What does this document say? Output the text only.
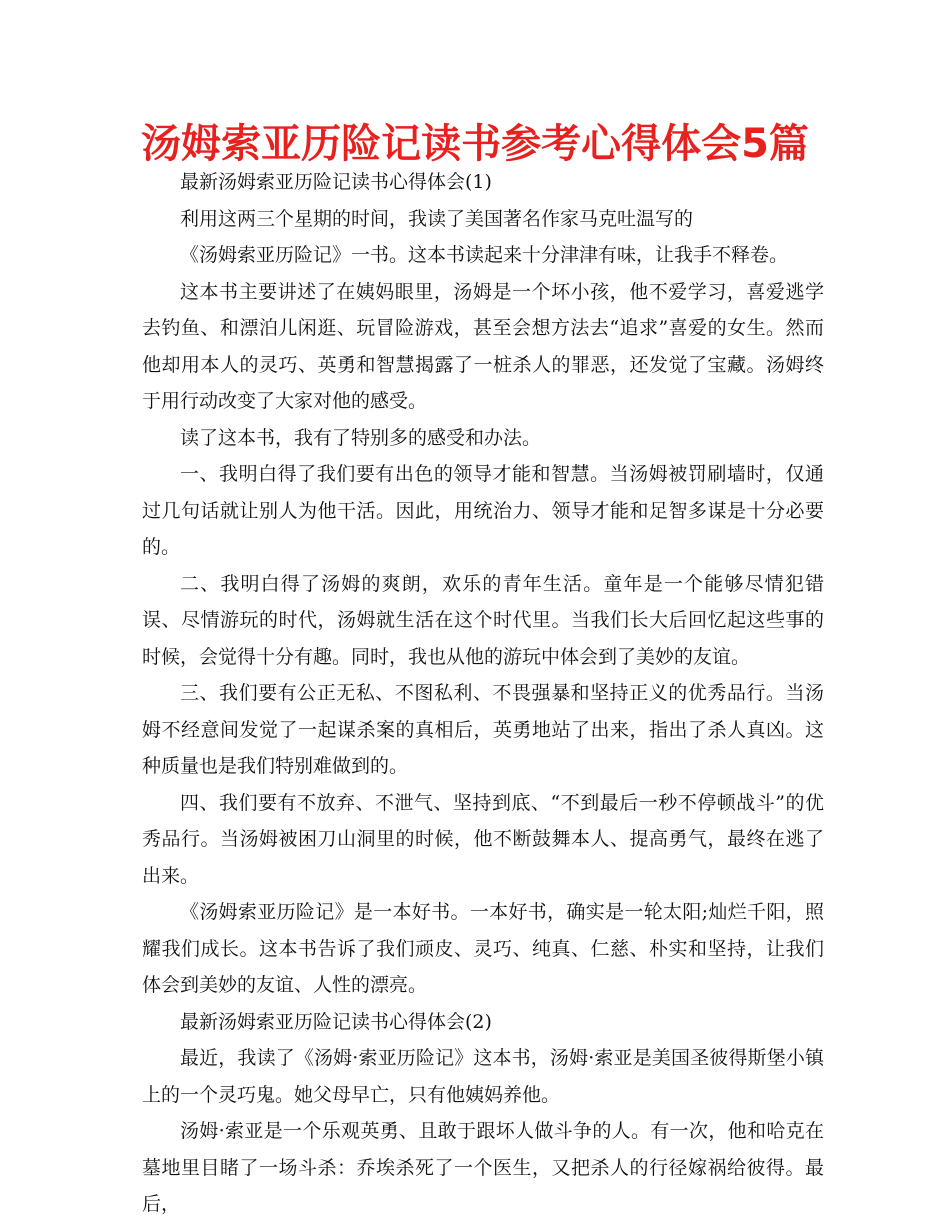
汤姆索亚历险记读书参考心得体会5篇

最新汤姆索亚历险记读书心得体会(1)

利用这两三个星期的时间，我读了美国著名作家马克吐温写的

《汤姆索亚历险记》一书。这本书读起来十分津津有味，让我手不释卷。

这本书主要讲述了在姨妈眼里，汤姆是一个坏小孩，他不爱学习，喜爱逃学去钓鱼、和漂泊儿闲逛、玩冒险游戏，甚至会想方法去“追求”喜爱的女生。然而他却用本人的灵巧、英勇和智慧揭露了一桩杀人的罪恶，还发觉了宝藏。汤姆终于用行动改变了大家对他的感受。

读了这本书，我有了特别多的感受和办法。

一、我明白得了我们要有出色的领导才能和智慧。当汤姆被罚刷墙时，仅通过几句话就让别人为他干活。因此，用统治力、领导才能和足智多谋是十分必要的。

二、我明白得了汤姆的爽朗，欢乐的青年生活。童年是一个能够尽情犯错误、尽情游玩的时代，汤姆就生活在这个时代里。当我们长大后回忆起这些事的时候，会觉得十分有趣。同时，我也从他的游玩中体会到了美妙的友谊。

三、我们要有公正无私、不图私利、不畏强暴和坚持正义的优秀品行。当汤姆不经意间发觉了一起谋杀案的真相后，英勇地站了出来，指出了杀人真凶。这种质量也是我们特别难做到的。

四、我们要有不放弃、不泄气、坚持到底、“不到最后一秒不停顿战斗”的优秀品行。当汤姆被困刀山洞里的时候，他不断鼓舞本人、提高勇气，最终在逃了出来。

《汤姆索亚历险记》是一本好书。一本好书，确实是一轮太阳;灿烂千阳，照耀我们成长。这本书告诉了我们顽皮、灵巧、纯真、仁慈、朴实和坚持，让我们体会到美妙的友谊、人性的漂亮。

最新汤姆索亚历险记读书心得体会(2)

最近，我读了《汤姆·索亚历险记》这本书，汤姆·索亚是美国圣彼得斯堡小镇上的一个灵巧鬼。她父母早亡，只有他姨妈养他。

汤姆·索亚是一个乐观英勇、且敢于跟坏人做斗争的人。有一次，他和哈克在墓地里目睹了一场斗杀：乔埃杀死了一个医生，又把杀人的行径嫁祸给彼得。最后，
